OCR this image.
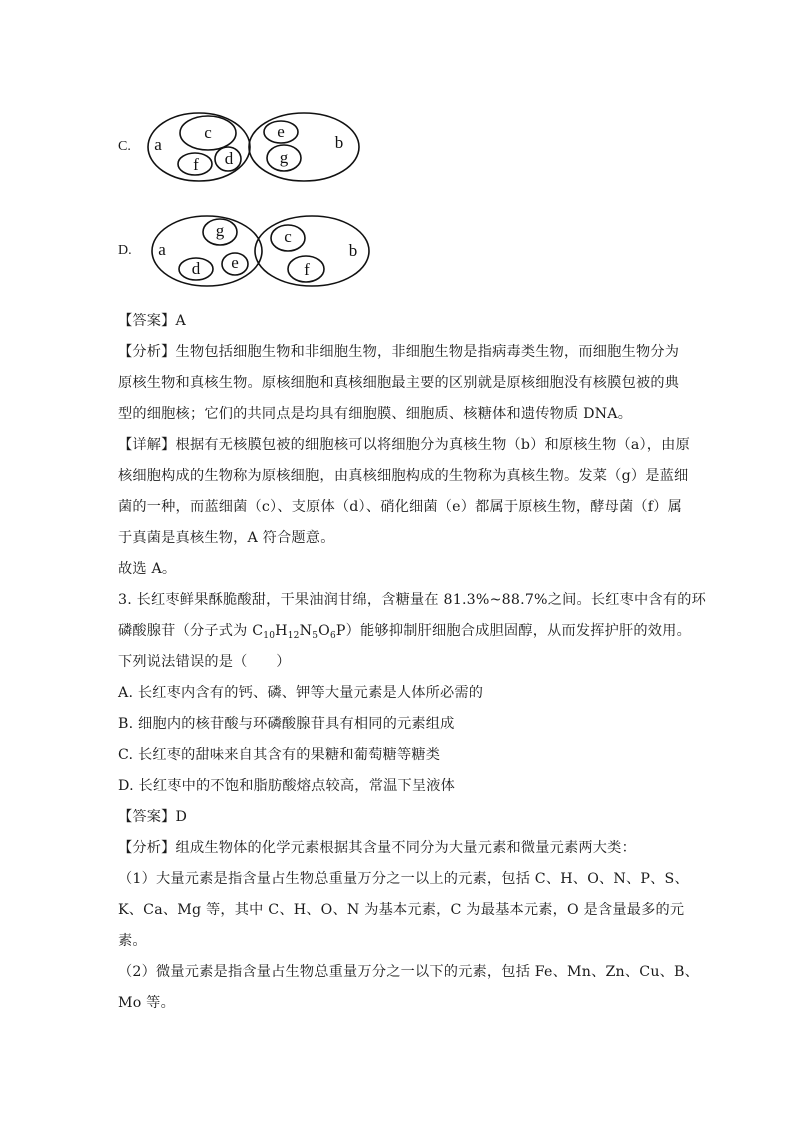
C. a
c
f d
e
g
b
D. a
g
d e
c
f
b
【答案】A
【分析】生物包括细胞生物和非细胞生物，非细胞生物是指病毒类生物，而细胞生物分为
原核生物和真核生物。原核细胞和真核细胞最主要的区别就是原核细胞没有核膜包被的典
型的细胞核；它们的共同点是均具有细胞膜、细胞质、核糖体和遗传物质 DNA。
【详解】根据有无核膜包被的细胞核可以将细胞分为真核生物（b）和原核生物（a），由原
核细胞构成的生物称为原核细胞，由真核细胞构成的生物称为真核生物。发菜（g）是蓝细
菌的一种，而蓝细菌（c）、支原体（d）、硝化细菌（e）都属于原核生物，酵母菌（f）属
于真菌是真核生物，A 符合题意。
故选 A。
3. 长红枣鲜果酥脆酸甜，干果油润甘绵，含糖量在 81.3%~88.7%之间。长红枣中含有的环
磷酸腺苷（分子式为 $C_{10}H_{12}N_5O_6P$）能够抑制肝细胞合成胆固醇，从而发挥护肝的效用。
下列说法错误的是（　　）
A. 长红枣内含有的钙、磷、钾等大量元素是人体所必需的
B. 细胞内的核苷酸与环磷酸腺苷具有相同的元素组成
C. 长红枣的甜味来自其含有的果糖和葡萄糖等糖类
D. 长红枣中的不饱和脂肪酸熔点较高，常温下呈液体
【答案】D
【分析】组成生物体的化学元素根据其含量不同分为大量元素和微量元素两大类：
（1）大量元素是指含量占生物总重量万分之一以上的元素，包括 C、H、O、N、P、S、
K、Ca、Mg 等，其中 C、H、O、N 为基本元素，C 为最基本元素，O 是含量最多的元
素。
（2）微量元素是指含量占生物总重量万分之一以下的元素，包括 Fe、Mn、Zn、Cu、B、
Mo 等。
